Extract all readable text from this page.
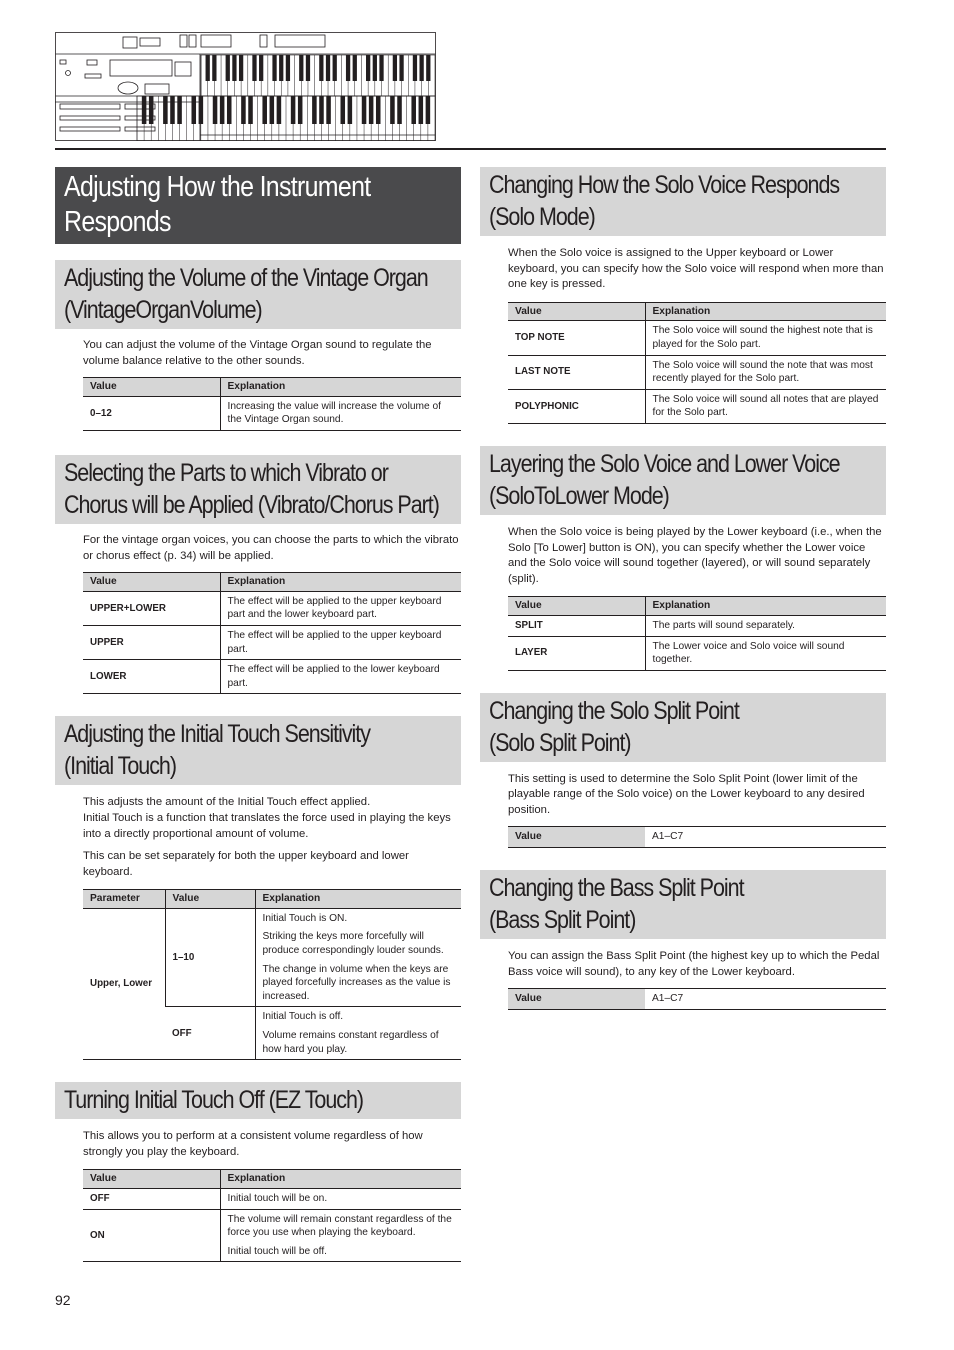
Adjusting How the Instrument
Responds
Adjusting the Volume of the Vintage Organ
(VintageOrganVolume)
You can adjust the volume of the Vintage Organ sound to regulate the volume balance relative to the other sounds.
Value	Explanation
0–12	Increasing the value will increase the volume of the Vintage Organ sound.
Selecting the Parts to which Vibrato or
Chorus will be Applied (Vibrato/Chorus Part)
For the vintage organ voices, you can choose the parts to which the vibrato or chorus effect (p. 34) will be applied.
Value	Explanation
UPPER+LOWER	The effect will be applied to the upper keyboard part and the lower keyboard part.
UPPER	The effect will be applied to the upper keyboard part.
LOWER	The effect will be applied to the lower keyboard part.
Adjusting the Initial Touch Sensitivity
(Initial Touch)

This adjusts the amount of the Initial Touch effect applied.
Initial Touch is a function that translates the force used in playing the keys into a directly proportional amount of volume.

This can be set separately for both the upper keyboard and lower keyboard.

Parameter	Value	Explanation
Upper, Lower	1–10	Initial Touch is ON.

Striking the keys more forcefully will produce correspondingly louder sounds.

The change in volume when the keys are played forcefully increases as the value is increased.

	OFF	Initial Touch is off.

Volume remains constant regardless of how hard you play.

Turning Initial Touch Off (EZ Touch)
This allows you to perform at a consistent volume regardless of how strongly you play the keyboard.
Value	Explanation
OFF	Initial touch will be on.
ON	The volume will remain constant regardless of the force you use when playing the keyboard.

Initial touch will be off.

Changing How the Solo Voice Responds
(Solo Mode)
When the Solo voice is assigned to the Upper keyboard or Lower keyboard, you can specify how the Solo voice will respond when more than one key is pressed.
Value	Explanation
TOP NOTE	The Solo voice will sound the highest note that is played for the Solo part.
LAST NOTE	The Solo voice will sound the note that was most recently played for the Solo part.
POLYPHONIC	The Solo voice will sound all notes that are played for the Solo part.
Layering the Solo Voice and Lower Voice
(SoloToLower Mode)
When the Solo voice is being played by the Lower keyboard (i.e., when the Solo [To Lower] button is ON), you can specify whether the Lower voice and the Solo voice will sound together (layered), or will sound separately (split).
Value	Explanation
SPLIT	The parts will sound separately.
LAYER	The Lower voice and Solo voice will sound together.
Changing the Solo Split Point
(Solo Split Point)
This setting is used to determine the Solo Split Point (lower limit of the playable range of the Solo voice) on the Lower keyboard to any desired position.
Value	A1–C7
Changing the Bass Split Point
(Bass Split Point)
You can assign the Bass Split Point (the highest key up to which the Pedal Bass voice will sound), to any key of the Lower keyboard.
Value	A1–C7
92
